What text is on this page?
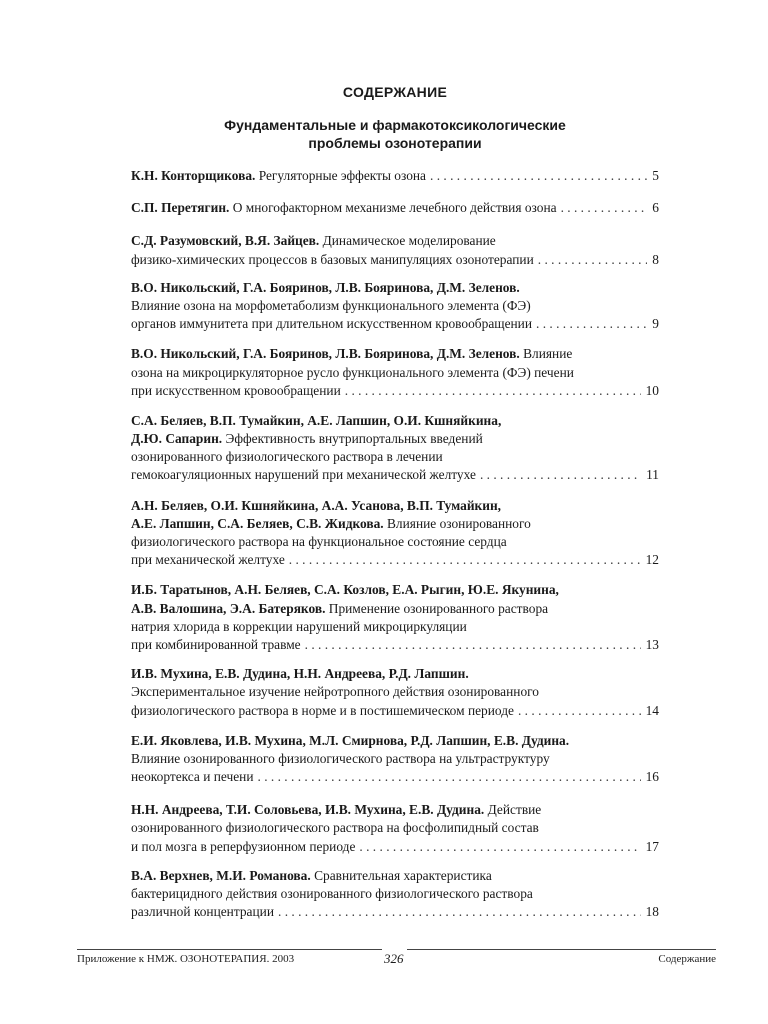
СОДЕРЖАНИЕ
Фундаментальные и фармакотоксикологические
проблемы озонотерапии
К.Н. Конторщикова. Регуляторные эффекты озона . . .	5
С.П. Перетягин. О многофакторном механизме лечебного действия озона . . .	6
С.Д. Разумовский, В.Я. Зайцев. Динамическое моделирование
физико-химических процессов в базовых манипуляциях озонотерапии . . .	8
В.О. Никольский, Г.А. Бояринов, Л.В. Бояринова, Д.М. Зеленов.
Влияние озона на морфометаболизм функционального элемента (ФЭ)
органов иммунитета при длительном искусственном кровообращении . . .	9
В.О. Никольский, Г.А. Бояринов, Л.В. Бояринова, Д.М. Зеленов. Влияние
озона на микроциркуляторное русло функционального элемента (ФЭ) печени
при искусственном кровообращении . . .	10
С.А. Беляев, В.П. Тумайкин, А.Е. Лапшин, О.И. Кшняйкина,
Д.Ю. Сапарин. Эффективность внутрипортальных введений
озонированного физиологического раствора в лечении
гемокоагуляционных нарушений при механической желтухе . . .	11
А.Н. Беляев, О.И. Кшняйкина, А.А. Усанова, В.П. Тумайкин,
А.Е. Лапшин, С.А. Беляев, С.В. Жидкова. Влияние озонированного
физиологического раствора на функциональное состояние сердца
при механической желтухе . . .	12
И.Б. Таратынов, А.Н. Беляев, С.А. Козлов, Е.А. Рыгин, Ю.Е. Якунина,
А.В. Валошина, Э.А. Батеряков. Применение озонированного раствора
натрия хлорида в коррекции нарушений микроциркуляции
при комбинированной травме . . .	13
И.В. Мухина, Е.В. Дудина, Н.Н. Андреева, Р.Д. Лапшин.
Экспериментальное изучение нейротропного действия озонированного
физиологического раствора в норме и в постишемическом периоде . . .	14
Е.И. Яковлева, И.В. Мухина, М.Л. Смирнова, Р.Д. Лапшин, Е.В. Дудина.
Влияние озонированного физиологического раствора на ультраструктуру
неокортекса и печени . . .	16
Н.Н. Андреева, Т.И. Соловьева, И.В. Мухина, Е.В. Дудина. Действие
озонированного физиологического раствора на фосфолипидный состав
и пол мозга в реперфузионном периоде . . .	17
В.А. Верхнев, М.И. Романова. Сравнительная характеристика
бактерицидного действия озонированного физиологического раствора
различной концентрации . . .	18
Приложение к НМЖ. ОЗОНОТЕРАПИЯ. 2003	326	Содержание
